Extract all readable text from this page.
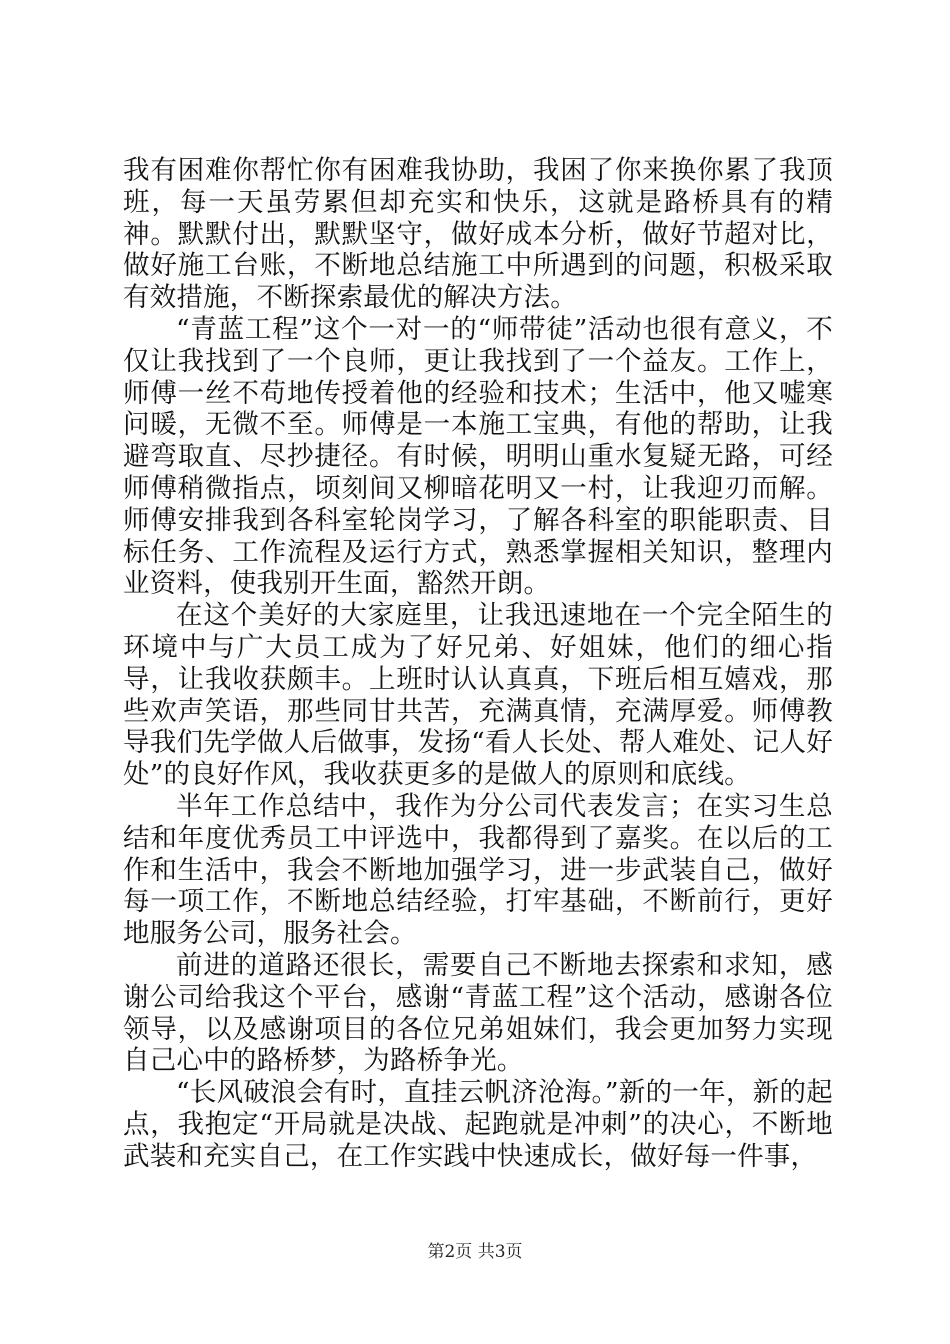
我有困难你帮忙你有困难我协助，我困了你来换你累了我顶班，每一天虽劳累但却充实和快乐，这就是路桥具有的精神。默默付出，默默坚守，做好成本分析，做好节超对比，做好施工台账，不断地总结施工中所遇到的问题，积极采取有效措施，不断探索最优的解决方法。

“青蓝工程”这个一对一的“师带徒”活动也很有意义，不仅让我找到了一个良师，更让我找到了一个益友。工作上，师傅一丝不苟地传授着他的经验和技术；生活中，他又嘘寒问暖，无微不至。师傅是一本施工宝典，有他的帮助，让我避弯取直、尽抄捷径。有时候，明明山重水复疑无路，可经师傅稍微指点，顷刻间又柳暗花明又一村，让我迎刃而解。师傅安排我到各科室轮岗学习，了解各科室的职能职责、目标任务、工作流程及运行方式，熟悉掌握相关知识，整理内业资料，使我别开生面，豁然开朗。

在这个美好的大家庭里，让我迅速地在一个完全陌生的环境中与广大员工成为了好兄弟、好姐妹，他们的细心指导，让我收获颇丰。上班时认认真真，下班后相互嬉戏，那些欢声笑语，那些同甘共苦，充满真情，充满厚爱。师傅教导我们先学做人后做事，发扬“看人长处、帮人难处、记人好处”的良好作风，我收获更多的是做人的原则和底线。

半年工作总结中，我作为分公司代表发言；在实习生总结和年度优秀员工中评选中，我都得到了嘉奖。在以后的工作和生活中，我会不断地加强学习，进一步武装自己，做好每一项工作，不断地总结经验，打牢基础，不断前行，更好地服务公司，服务社会。

前进的道路还很长，需要自己不断地去探索和求知，感谢公司给我这个平台，感谢“青蓝工程”这个活动，感谢各位领导，以及感谢项目的各位兄弟姐妹们，我会更加努力实现自己心中的路桥梦，为路桥争光。

“长风破浪会有时，直挂云帆济沧海。”新的一年，新的起点，我抱定“开局就是决战、起跑就是冲刺”的决心，不断地武装和充实自己，在工作实践中快速成长，做好每一件事，

第2页 共3页
